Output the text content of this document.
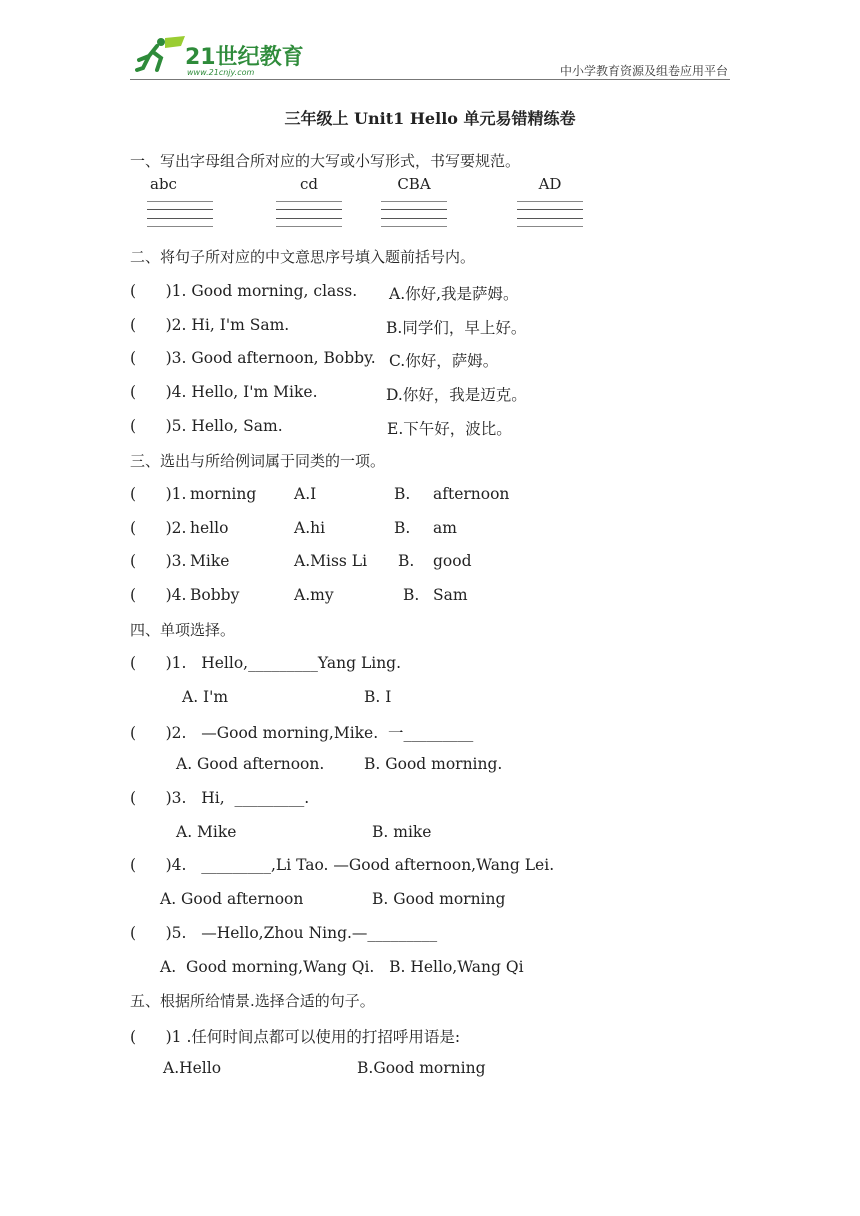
21世纪教育
www.21cnjy.com	中小学教育资源及组卷应用平台
三年级上 Unit1 Hello 单元易错精练卷
一、写出字母组合所对应的大写或小写形式，书写要规范。
abc	cd	CBA	AD
二、将句子所对应的中文意思序号填入题前括号内。
(      )1. Good morning, class. A.你好,我是萨姆。
(      )2. Hi, I'm Sam.	B.同学们，早上好。
(      )3. Good afternoon, Bobby. C.你好，萨姆。
(      )4. Hello, I'm Mike.	D.你好，我是迈克。
(      )5. Hello, Sam.	E.下午好，波比。
三、选出与所给例词属于同类的一项。
(      )1. morning A.I	B. afternoon
(      )2. hello	A.hi	B. am
(      )3. Mike	A.Miss Li B. good
(      )4. Bobby	A.my	B. Sam
四、单项选择。
(      )1.   Hello,_________Yang Ling.
A. I'm	B. I
(      )2.   —Good morning,Mike.  一_________
A. Good afternoon.	B. Good morning.
(      )3.   Hi,  _________.
A. Mike	B. mike
(      )4.   _________,Li Tao. —Good afternoon,Wang Lei.
A. Good afternoon	B. Good morning
(      )5.   —Hello,Zhou Ning.—_________
A.  Good morning,Wang Qi.   B. Hello,Wang Qi
五、根据所给情景.选择合适的句子。
(      )1 .任何时间点都可以使用的打招呼用语是:
A.Hello	B.Good morning
